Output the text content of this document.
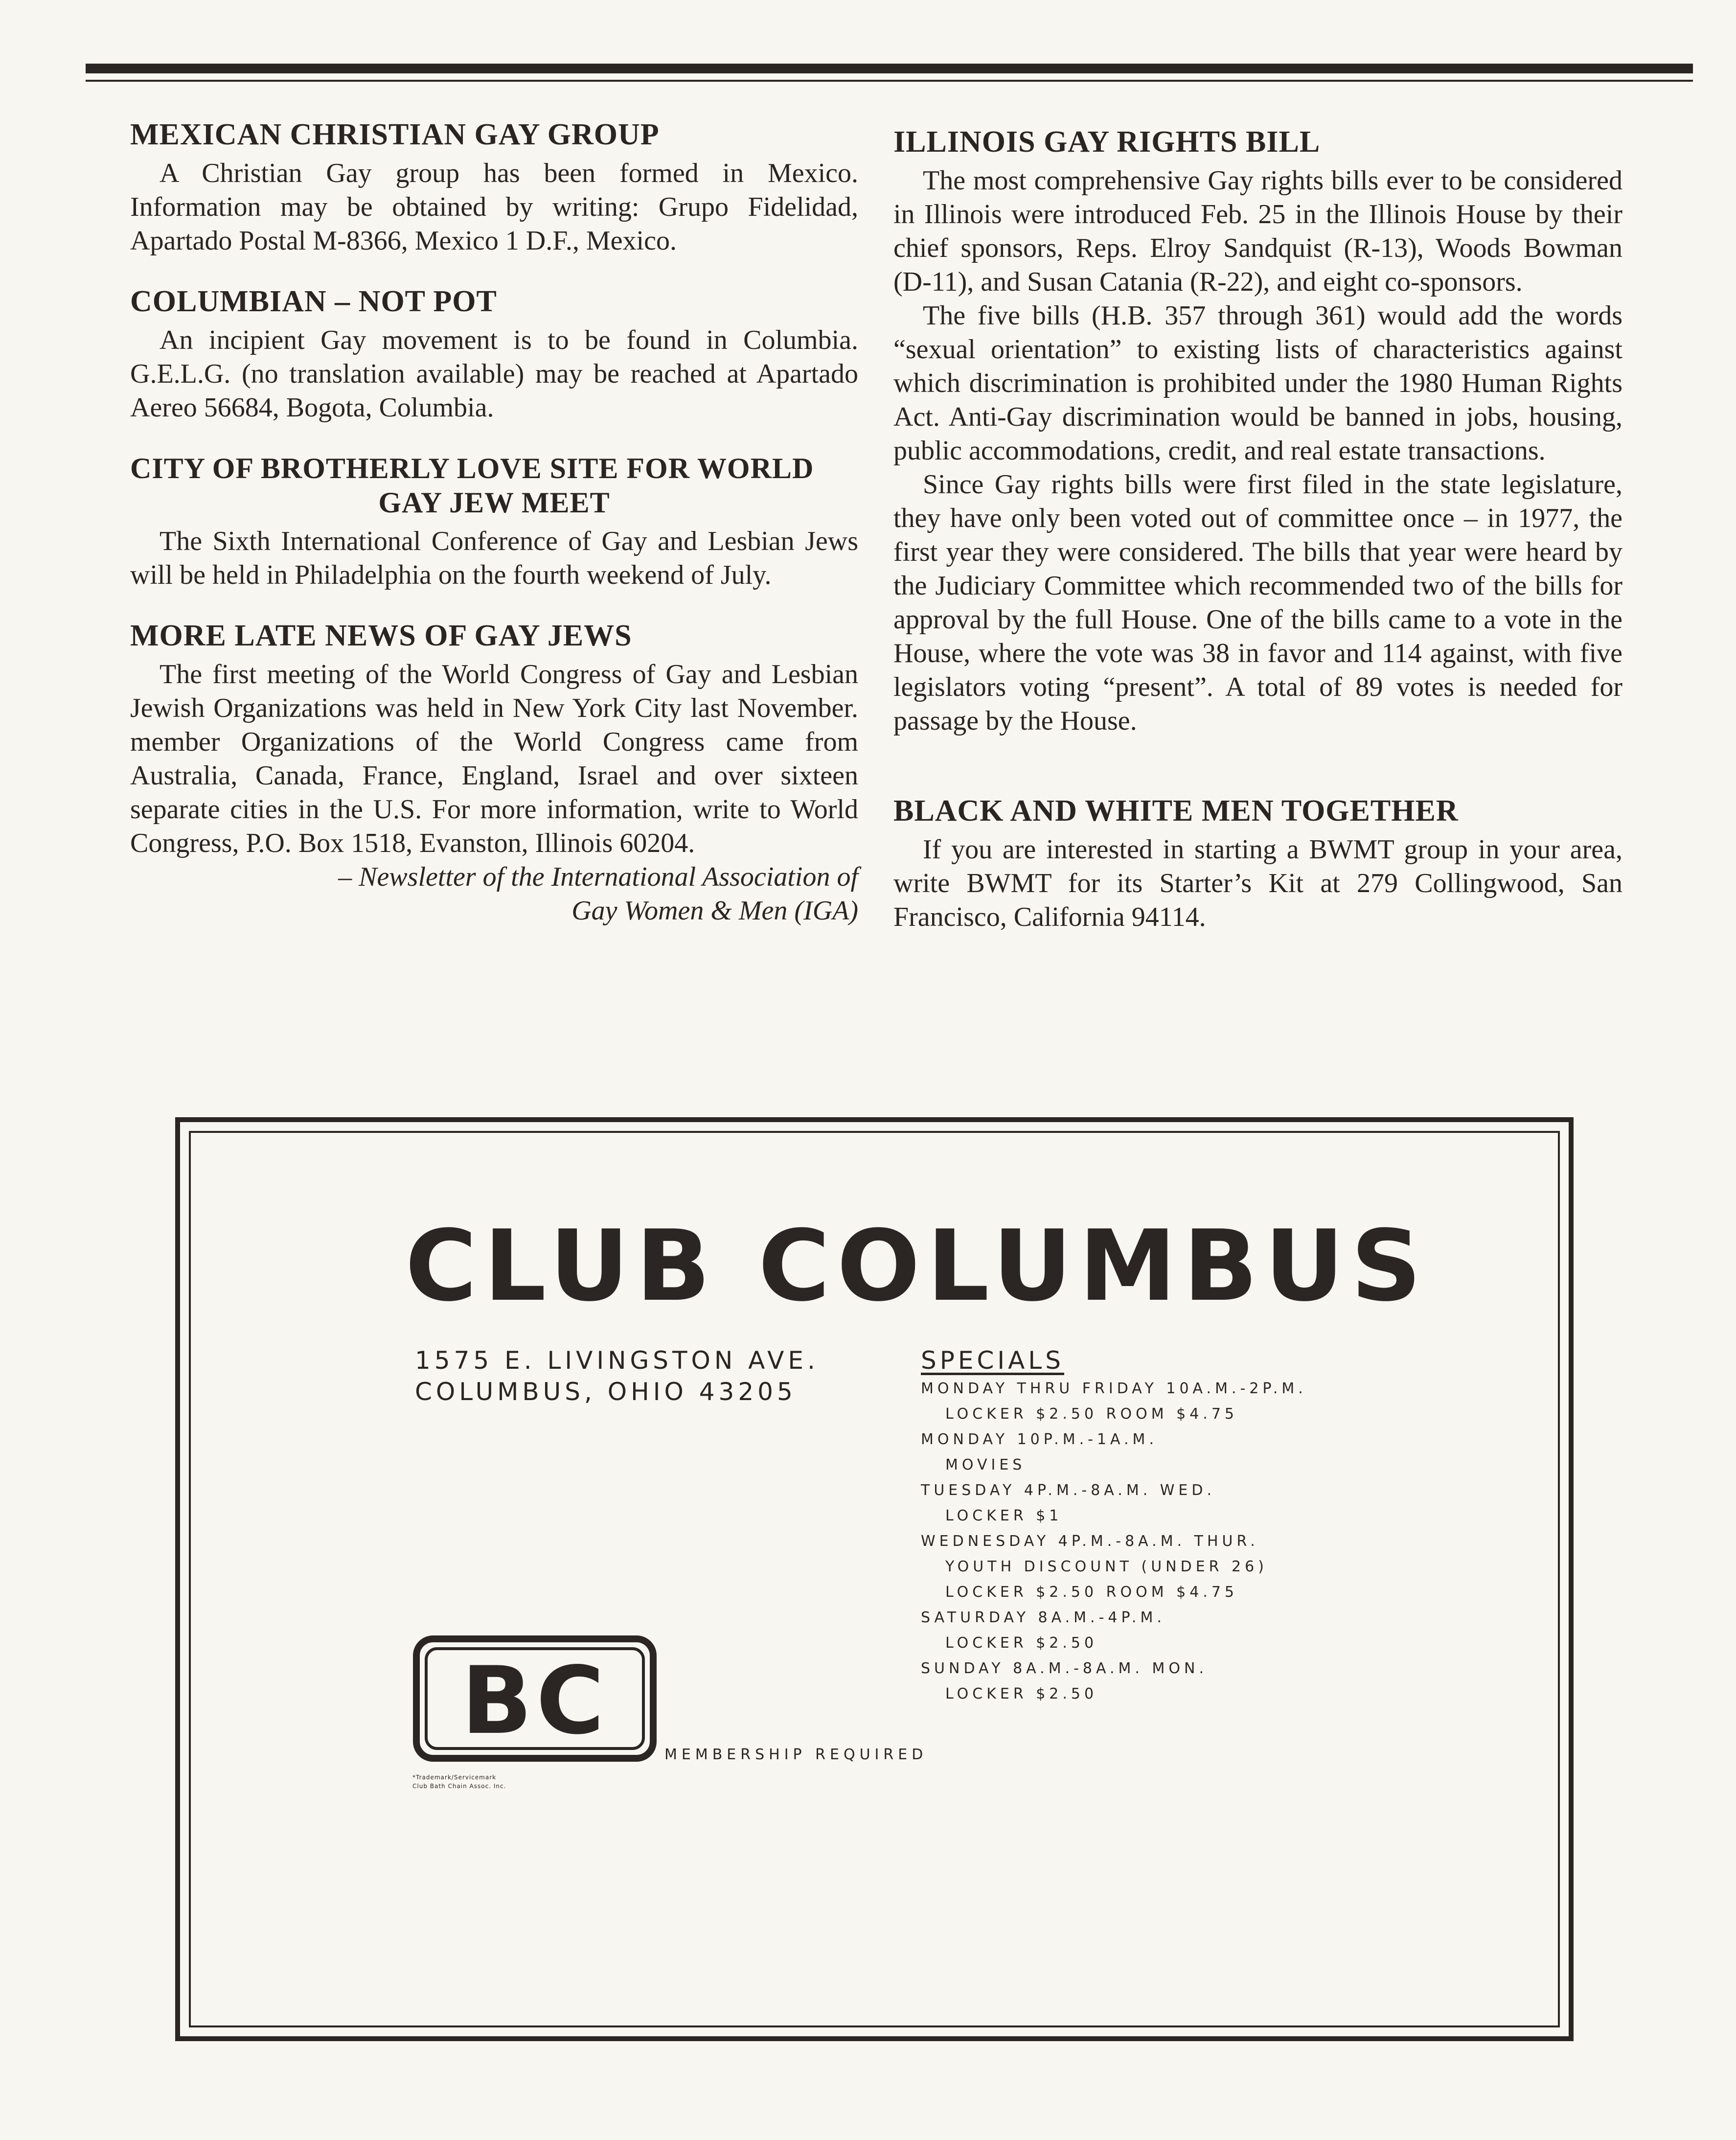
MEXICAN CHRISTIAN GAY GROUP

A Christian Gay group has been formed in Mexico. Information may be obtained by writing: Grupo Fidelidad, Apartado Postal M-8366, Mexico 1 D.F., Mexico.

COLUMBIAN – NOT POT

An incipient Gay movement is to be found in Columbia. G.E.L.G. (no translation available) may be reached at Apartado Aereo 56684, Bogota, Columbia.

CITY OF BROTHERLY LOVE SITE FOR WORLD
GAY JEW MEET

The Sixth International Conference of Gay and Lesbian Jews will be held in Philadelphia on the fourth weekend of July.

MORE LATE NEWS OF GAY JEWS

The first meeting of the World Congress of Gay and Lesbian Jewish Organizations was held in New York City last November. member Organizations of the World Congress came from Australia, Canada, France, England, Israel and over sixteen separate cities in the U.S. For more information, write to World Congress, P.O. Box 1518, Evanston, Illinois 60204.

– Newsletter of the International Association of
Gay Women & Men (IGA)
ILLINOIS GAY RIGHTS BILL

The most comprehensive Gay rights bills ever to be considered in Illinois were introduced Feb. 25 in the Illinois House by their chief sponsors, Reps. Elroy Sandquist (R-13), Woods Bowman (D-11), and Susan Catania (R-22), and eight co-sponsors.

The five bills (H.B. 357 through 361) would add the words “sexual orientation” to existing lists of characteristics against which discrimination is prohibited under the 1980 Human Rights Act. Anti-Gay discrimination would be banned in jobs, housing, public accommodations, credit, and real estate transactions.

Since Gay rights bills were first filed in the state legislature, they have only been voted out of committee once – in 1977, the first year they were considered. The bills that year were heard by the Judiciary Committee which recommended two of the bills for approval by the full House. One of the bills came to a vote in the House, where the vote was 38 in favor and 114 against, with five legislators voting “present”. A total of 89 votes is needed for passage by the House.

BLACK AND WHITE MEN TOGETHER

If you are interested in starting a BWMT group in your area, write BWMT for its Starter’s Kit at 279 Collingwood, San Francisco, California 94114.

CLUB COLUMBUS
1575 E. LIVINGSTON AVE.
COLUMBUS, OHIO 43205
SPECIALS
MONDAY THRU FRIDAY 10A.M.-2P.M.
LOCKER $2.50 ROOM $4.75
MONDAY 10P.M.-1A.M.
MOVIES
TUESDAY 4P.M.-8A.M. WED.
LOCKER $1
WEDNESDAY 4P.M.-8A.M. THUR.
YOUTH DISCOUNT (UNDER 26)
LOCKER $2.50 ROOM $4.75
SATURDAY 8A.M.-4P.M.
LOCKER $2.50
SUNDAY 8A.M.-8A.M. MON.
LOCKER $2.50
BC	MEMBERSHIP REQUIRED
*Trademark/Servicemark
Club Bath Chain Assoc. Inc.
